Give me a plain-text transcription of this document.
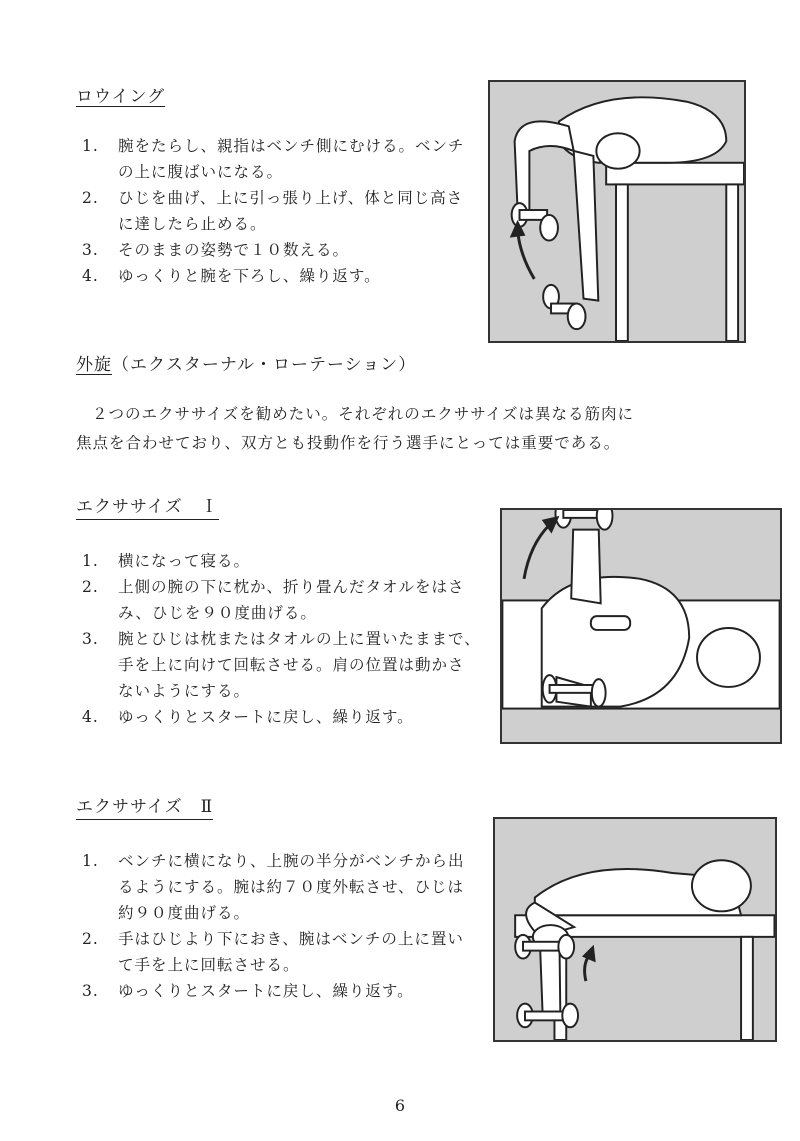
ロウイング
1. 腕をたらし、親指はベンチ側にむける。ベンチ
の上に腹ばいになる。
2. ひじを曲げ、上に引っ張り上げ、体と同じ高さ
に達したら止める。
3. そのままの姿勢で１０数える。
4. ゆっくりと腕を下ろし、繰り返す。
外旋（エクスターナル・ローテーション）
２つのエクササイズを勧めたい。それぞれのエクササイズは異なる筋肉に
焦点を合わせており、双方とも投動作を行う選手にとっては重要である。
エクササイズ　Ｉ
1. 横になって寝る。
2. 上側の腕の下に枕か、折り畳んだタオルをはさ
み、ひじを９０度曲げる。
3. 腕とひじは枕またはタオルの上に置いたままで、
手を上に向けて回転させる。肩の位置は動かさ
ないようにする。
4. ゆっくりとスタートに戻し、繰り返す。
エクササイズ　Ⅱ
1. ベンチに横になり、上腕の半分がベンチから出
るようにする。腕は約７０度外転させ、ひじは
約９０度曲げる。
2. 手はひじより下におき、腕はベンチの上に置い
て手を上に回転させる。
3. ゆっくりとスタートに戻し、繰り返す。
6
